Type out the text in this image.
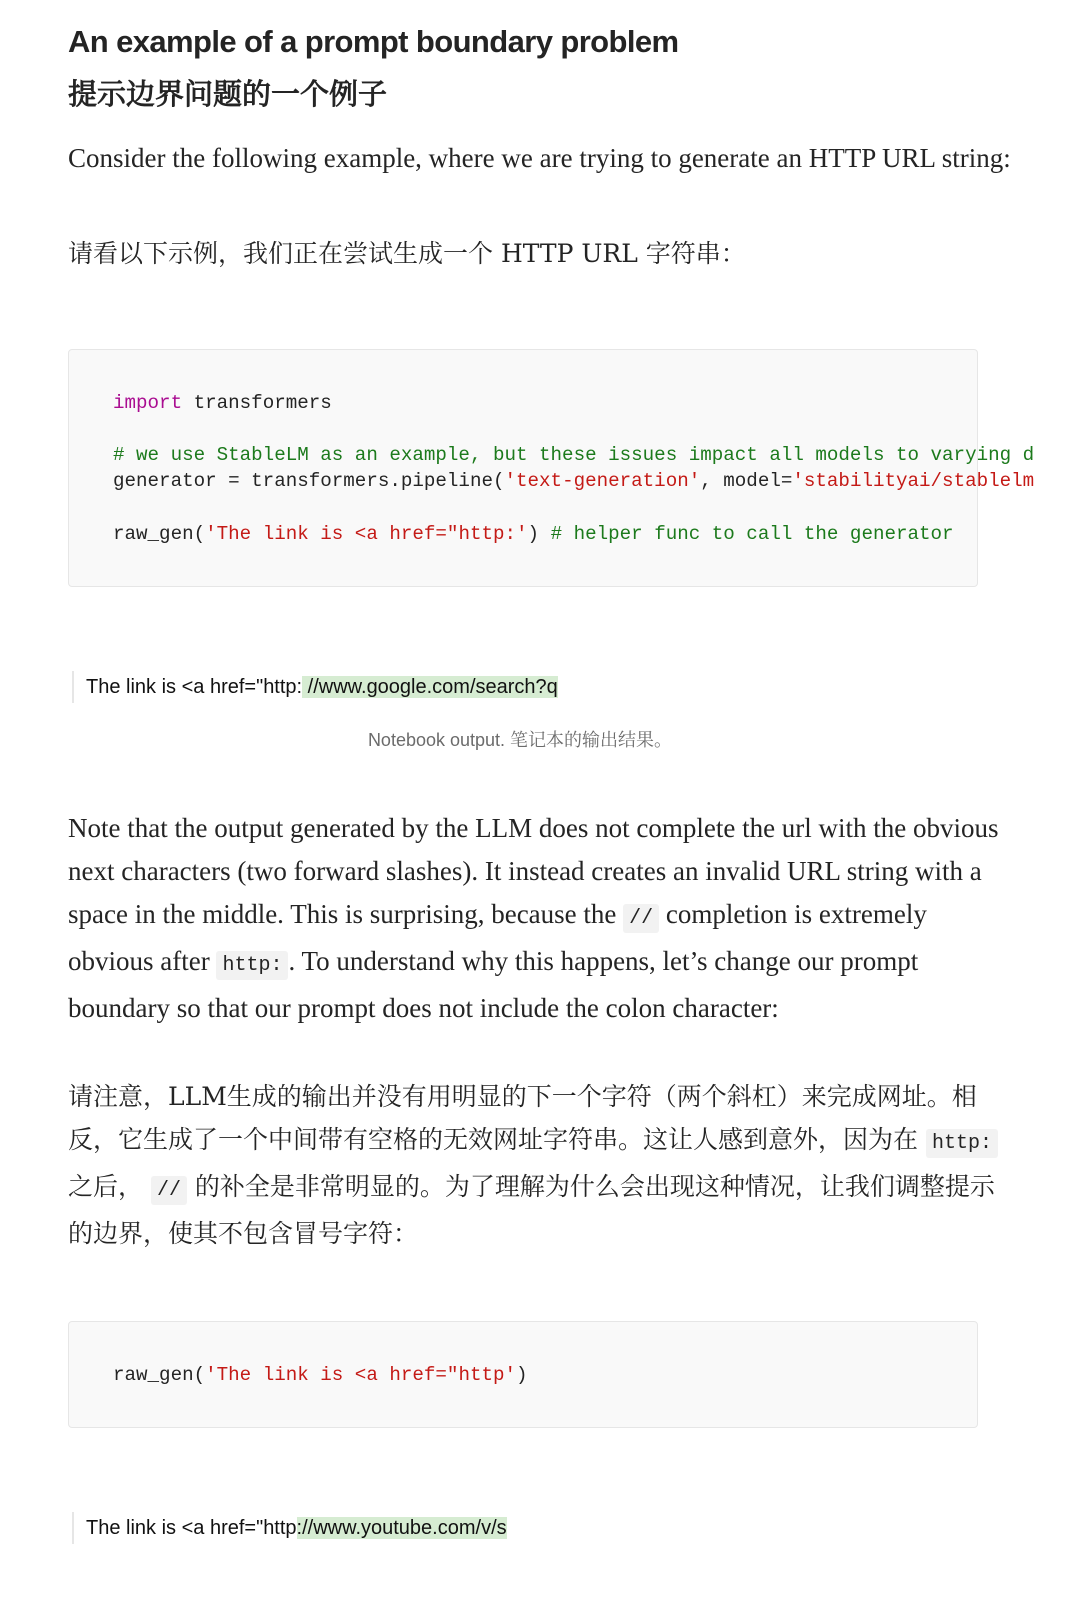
An example of a prompt boundary problem
提示边界问题的一个例子

Consider the following example, where we are trying to generate an HTTP URL string:

请看以下示例，我们正在尝试生成一个 HTTP URL 字符串：

import transformers
# we use StableLM as an example, but these issues impact all models to varying d
generator = transformers.pipeline('text-generation', model='stabilityai/stablelm
raw_gen('The link is <a href="http:') # helper func to call the generator
The link is <a href="http: //www.google.com/search?q
Notebook output. 笔记本的输出结果。

Note that the output generated by the LLM does not complete the url with the obvious next characters (two forward slashes). It instead creates an invalid URL string with a space in the middle. This is surprising, because the // completion is extremely obvious after http: . To understand why this happens, let’s change our prompt boundary so that our prompt does not include the colon character:

请注意，LLM生成的输出并没有用明显的下一个字符（两个斜杠）来完成网址。相反，它生成了一个中间带有空格的无效网址字符串。这让人感到意外，因为在 http: 之后， // 的补全是非常明显的。为了理解为什么会出现这种情况，让我们调整提示的边界，使其不包含冒号字符：

raw_gen('The link is <a href="http')
The link is <a href="http://www.youtube.com/v/s
